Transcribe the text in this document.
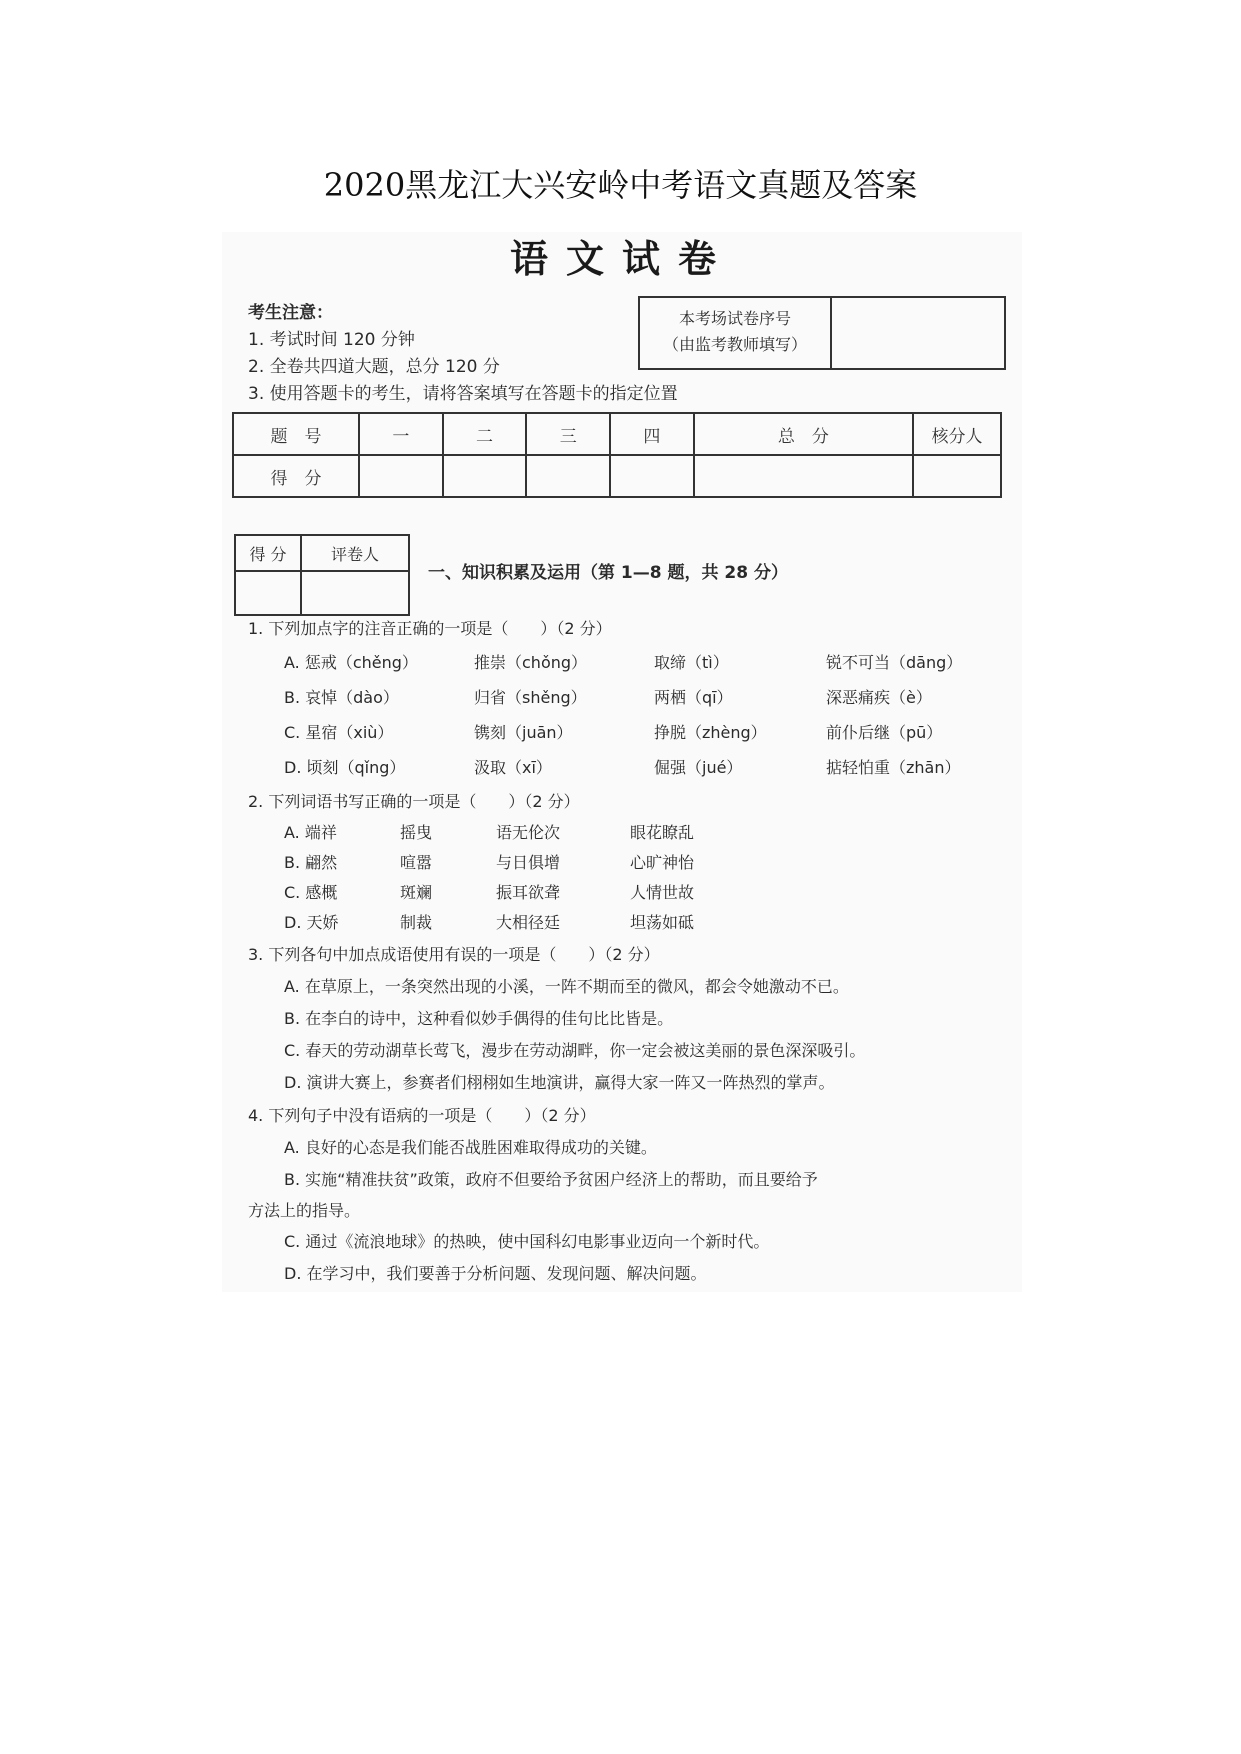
2020黑龙江大兴安岭中考语文真题及答案
语文试卷
考生注意：
1. 考试时间 120 分钟
2. 全卷共四道大题，总分 120 分
3. 使用答题卡的考生，请将答案填写在答题卡的指定位置
本考场试卷序号
（由监考教师填写）
题　号	一	二	三	四	总　分	核分人
得　分						
得 分	评卷人

一、知识积累及运用（第 1—8 题，共 28 分）
1. 下列加点字的注音正确的一项是（　　）（2 分）
A. 惩戒（chěng）	推崇（chǒng）	取缔（tì）	锐不可当（dāng）
B. 哀悼（dào）	归省（shěng）	两栖（qī）	深恶痛疾（è）
C. 星宿（xiù）	镌刻（juān）	挣脱（zhèng）	前仆后继（pū）
D. 顷刻（qǐng）	汲取（xī）	倔强（jué）	掂轻怕重（zhān）
2. 下列词语书写正确的一项是（　　）（2 分）
A. 端祥	摇曳	语无伦次	眼花瞭乱
B. 翩然	喧嚣	与日俱增	心旷神怡
C. 感概	斑斓	振耳欲聋	人情世故
D. 天娇	制裁	大相径廷	坦荡如砥
3. 下列各句中加点成语使用有误的一项是（　　）（2 分）
A. 在草原上，一条突然出现的小溪，一阵不期而至的微风，都会令她激动不已。
B. 在李白的诗中，这种看似妙手偶得的佳句比比皆是。
C. 春天的劳动湖草长莺飞，漫步在劳动湖畔，你一定会被这美丽的景色深深吸引。
D. 演讲大赛上，参赛者们栩栩如生地演讲，赢得大家一阵又一阵热烈的掌声。
4. 下列句子中没有语病的一项是（　　）（2 分）
A. 良好的心态是我们能否战胜困难取得成功的关键。
B. 实施“精准扶贫”政策，政府不但要给予贫困户经济上的帮助，而且要给予
方法上的指导。
C. 通过《流浪地球》的热映，使中国科幻电影事业迈向一个新时代。
D. 在学习中，我们要善于分析问题、发现问题、解决问题。
